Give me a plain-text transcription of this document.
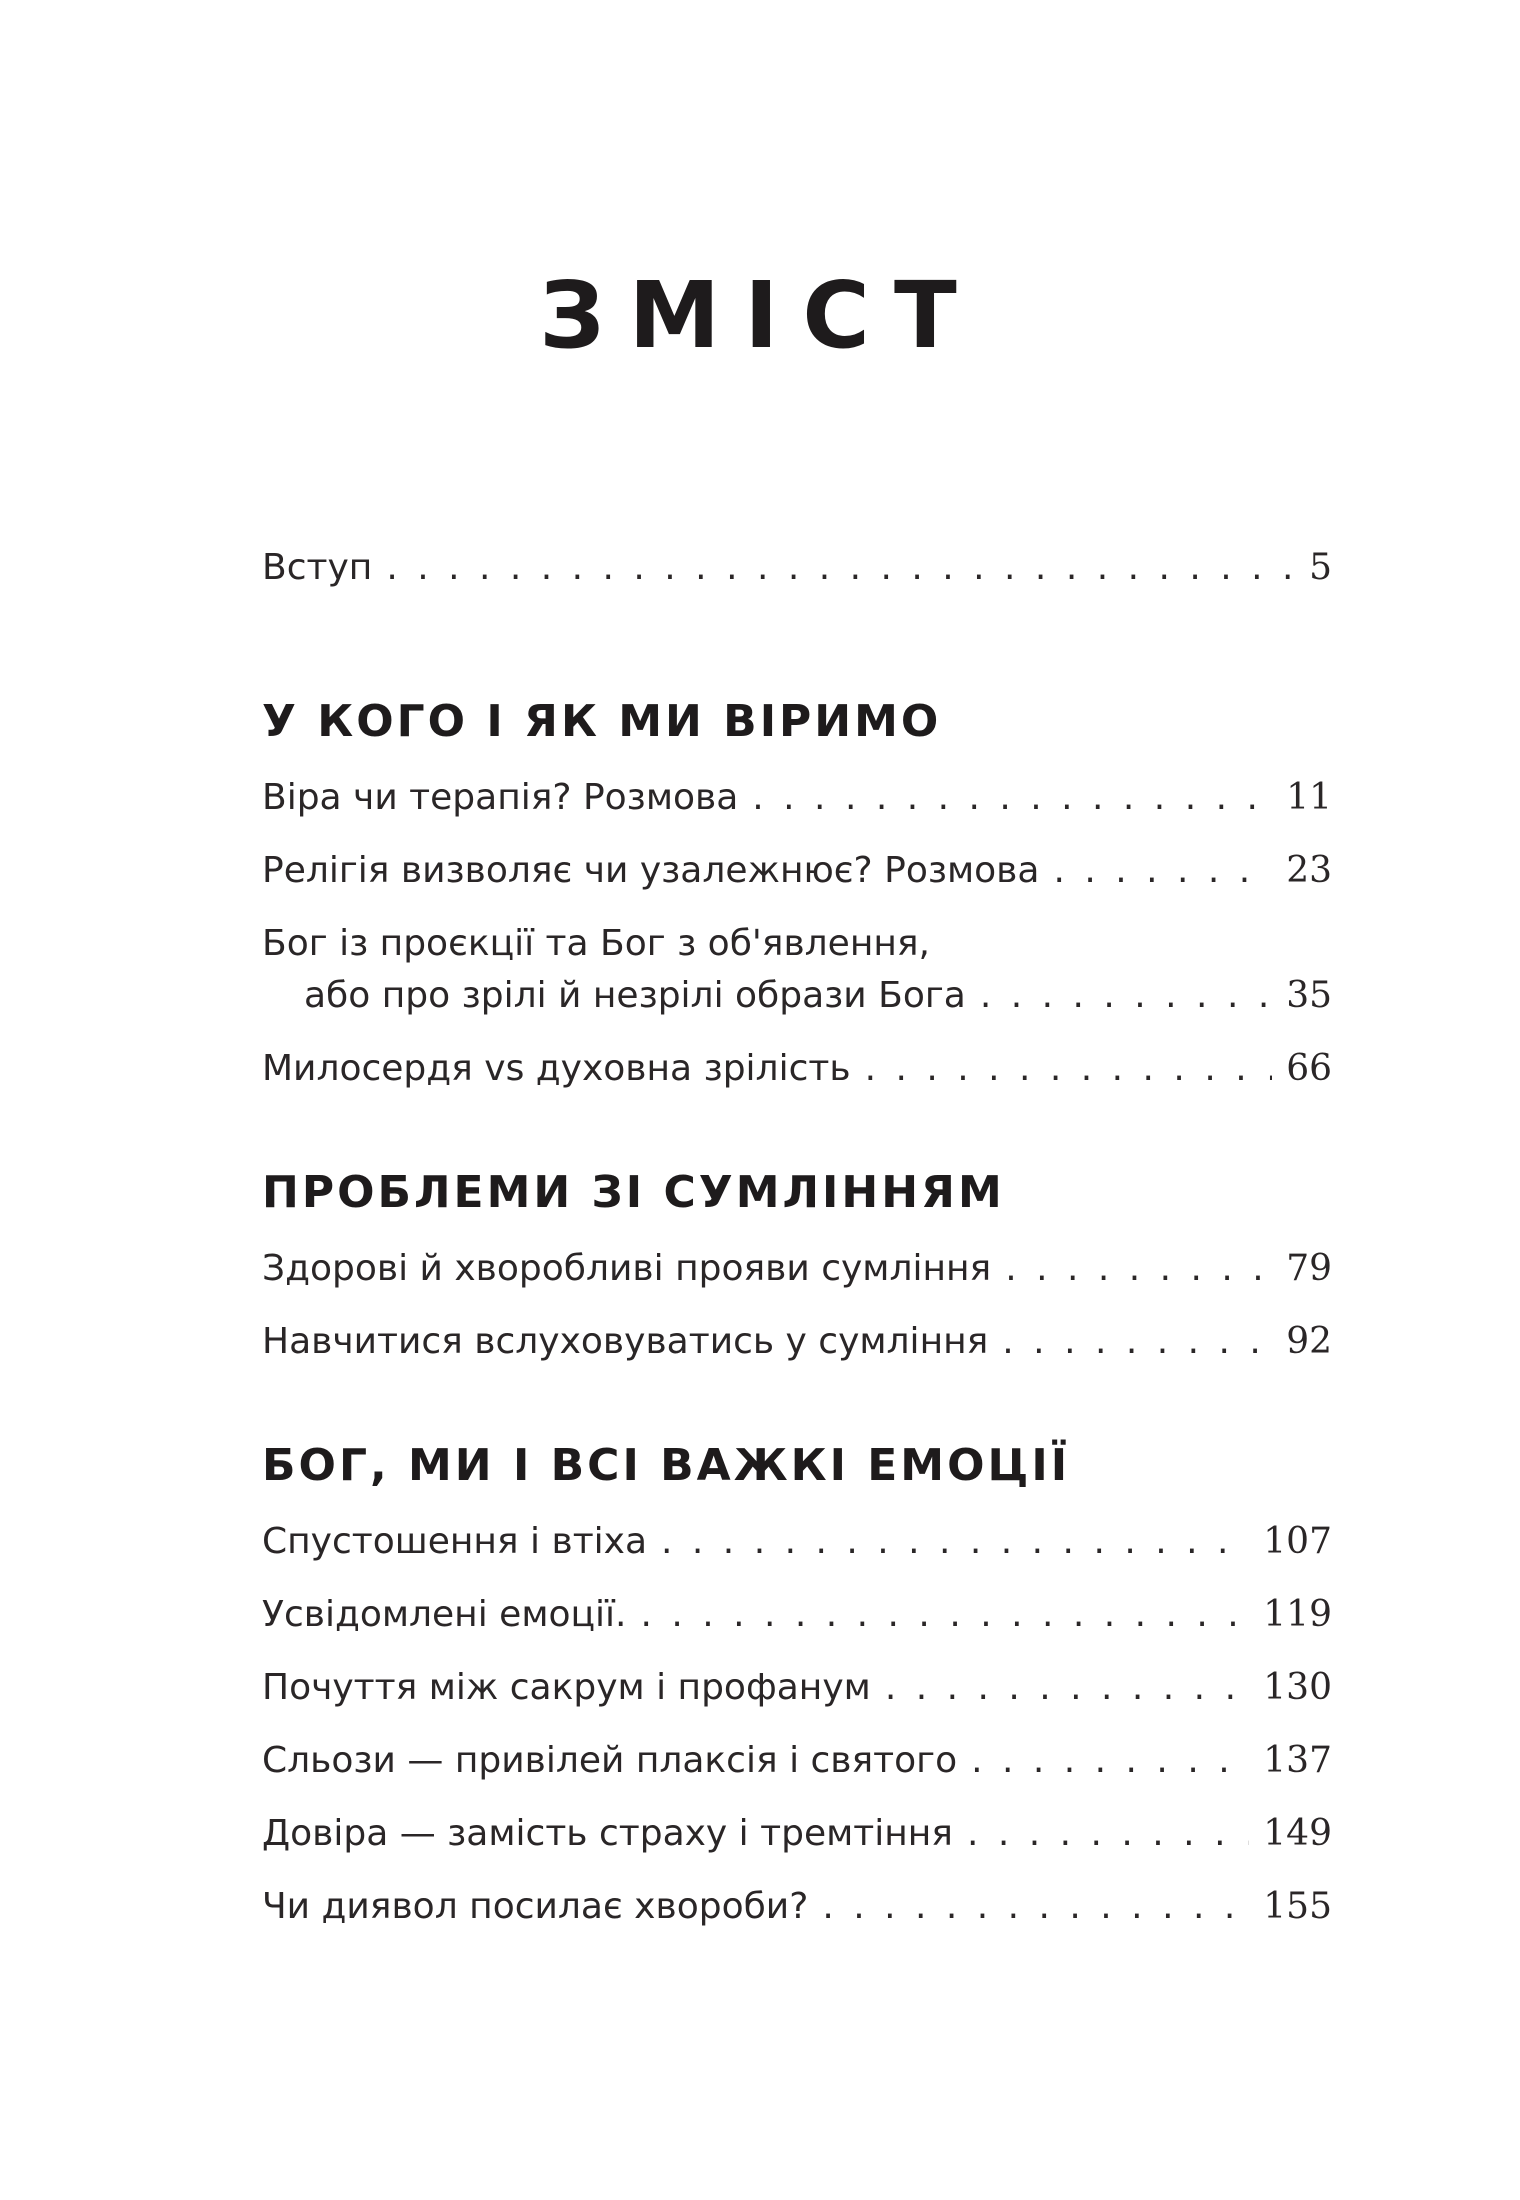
ЗМІСТ
Вступ . . .	5
У КОГО І ЯК МИ ВІРИМО
Віра чи терапія? Розмова . . .	11
Релігія визволяє чи узалежнює? Розмова . . .	23
Бог із проєкції та Бог з об'явлення,
або про зрілі й незрілі образи Бога . . .	35
Милосердя vs духовна зрілість . . .	66
ПРОБЛЕМИ ЗІ СУМЛІННЯМ
Здорові й хворобливі прояви сумління . . .	79
Навчитися вслуховуватись у сумління . . .	92
БОГ, МИ І ВСІ ВАЖКІ ЕМОЦІЇ
Спустошення і втіха . . .	107
Усвідомлені емоції. . . .	119
Почуття між сакрум і профанум . . .	130
Сльози — привілей плаксія і святого . . .	137
Довіра — замість страху і тремтіння . . .	149
Чи диявол посилає хвороби? . . .	155
